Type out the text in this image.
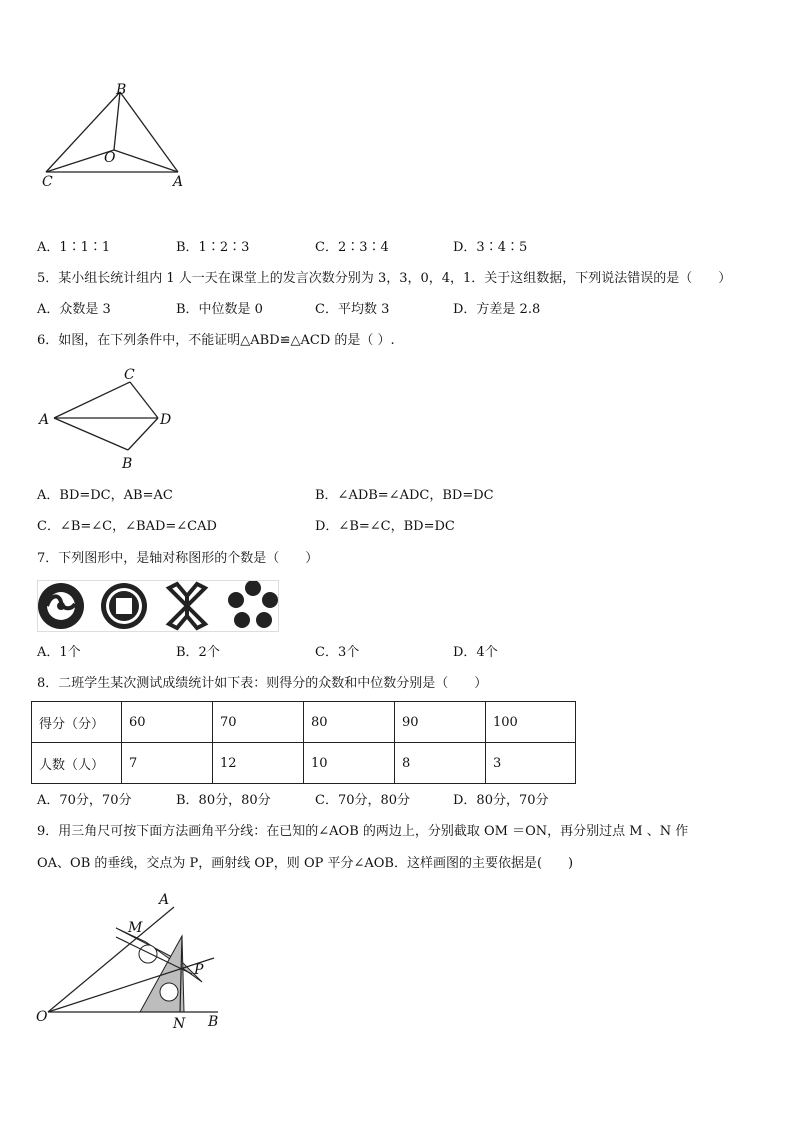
B
O
C	A
A．1∶1∶1	B．1∶2∶3	C．2∶3∶4	D．3∶4∶5
5．某小组长统计组内 1 人一天在课堂上的发言次数分别为 3，3，0，4，1．关于这组数据，下列说法错误的是（　　）
A．众数是 3	B．中位数是 0	C．平均数 3	D．方差是 2.8
6．如图，在下列条件中，不能证明△ABD≌△ACD 的是（ ）.
C
A	D
B
A．BD=DC，AB=AC	B．∠ADB=∠ADC，BD=DC
C．∠B=∠C，∠BAD=∠CAD	D．∠B=∠C，BD=DC
7．下列图形中，是轴对称图形的个数是（　　）
A．1个	B．2个	C．3个	D．4个
8．二班学生某次测试成绩统计如下表：则得分的众数和中位数分别是（　　）
得分（分）	60	70	80	90	100
人数（人）	7	12	10	8	3
A．70分，70分	B．80分，80分	C．70分，80分	D．80分，70分
9．用三角尺可按下面方法画角平分线：在已知的∠AOB 的两边上，分别截取 OM ＝ON，再分别过点 M 、N 作
OA、OB 的垂线，交点为 P，画射线 OP，则 OP 平分∠AOB．这样画图的主要依据是(　　)
A
M
P
O	N B
